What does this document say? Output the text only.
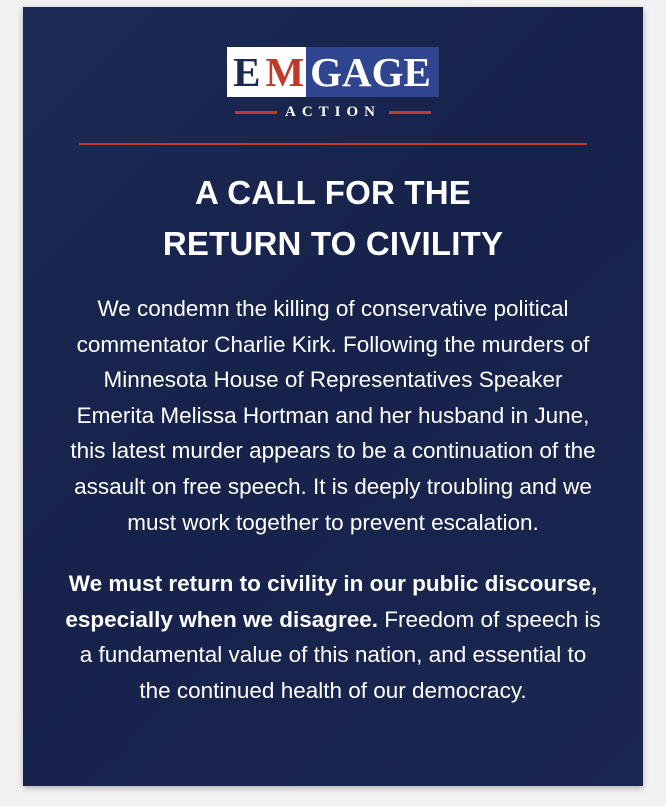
E M GAGE
ACTION
A CALL FOR THE
RETURN TO CIVILITY
We condemn the killing of conservative political commentator Charlie Kirk. Following the murders of Minnesota House of Representatives Speaker Emerita Melissa Hortman and her husband in June, this latest murder appears to be a continuation of the assault on free speech. It is deeply troubling and we must work together to prevent escalation.
We must return to civility in our public discourse, especially when we disagree. Freedom of speech is a fundamental value of this nation, and essential to the continued health of our democracy.
